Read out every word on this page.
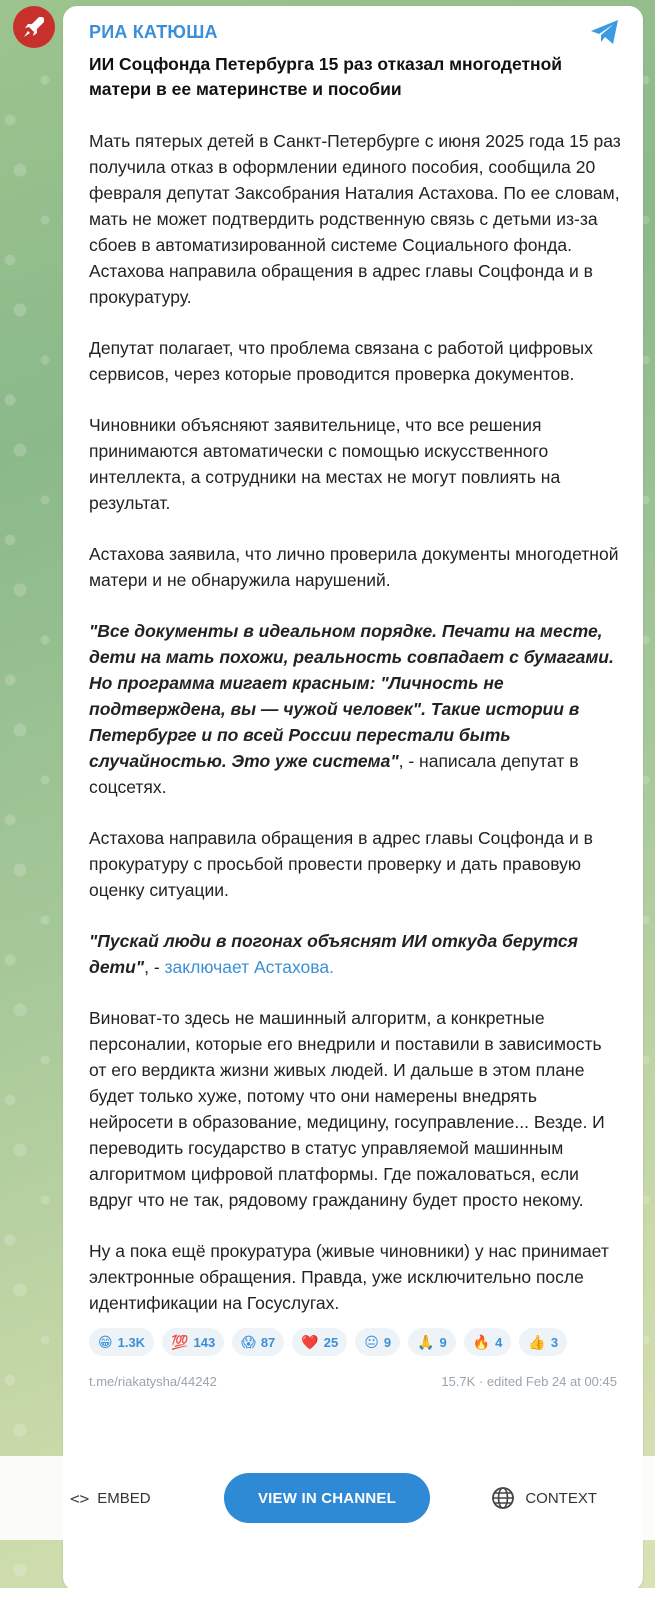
РИА КАТЮША
ИИ Соцфонда Петербурга 15 раз отказал многодетной матери в ее материнстве и пособии
Мать пятерых детей в Санкт-Петербурге с июня 2025 года 15 раз получила отказ в оформлении единого пособия, сообщила 20 февраля депутат Заксобрания Наталия Астахова. По ее словам, мать не может подтвердить родственную связь с детьми из-за сбоев в автоматизированной системе Социального фонда. Астахова направила обращения в адрес главы Соцфонда и в прокуратуру.
Депутат полагает, что проблема связана с работой цифровых сервисов, через которые проводится проверка документов.
Чиновники объясняют заявительнице, что все решения принимаются автоматически с помощью искусственного интеллекта, а сотрудники на местах не могут повлиять на результат.
Астахова заявила, что лично проверила документы многодетной матери и не обнаружила нарушений.
"Все документы в идеальном порядке. Печати на месте, дети на мать похожи, реальность совпадает с бумагами. Но программа мигает красным: "Личность не подтверждена, вы — чужой человек". Такие истории в Петербурге и по всей России перестали быть случайностью. Это уже система", - написала депутат в соцсетях.
Астахова направила обращения в адрес главы Соцфонда и в прокуратуру с просьбой провести проверку и дать правовую оценку ситуации.
"Пускай люди в погонах объяснят ИИ откуда берутся дети", - заключает Астахова.
Виноват-то здесь не машинный алгоритм, а конкретные персоналии, которые его внедрили и поставили в зависимость от его вердикта жизни живых людей. И дальше в этом плане будет только хуже, потому что они намерены внедрять нейросети в образование, медицину, госуправление... Везде. И переводить государство в статус управляемой машинным алгоритмом цифровой платформы. Где пожаловаться, если вдруг что не так, рядовому гражданину будет просто некому.
Ну а пока ещё прокуратура (живые чиновники) у нас принимает электронные обращения. Правда, уже исключительно после идентификации на Госуслугах.
😁 1.3K 💯 143 😱 87 ❤️ 25 😐 9 🙏 9 🔥 4 👍 3
t.me/riakatysha/44242	15.7K · edited Feb 24 at 00:45
<> EMBED	VIEW IN CHANNEL	CONTEXT
